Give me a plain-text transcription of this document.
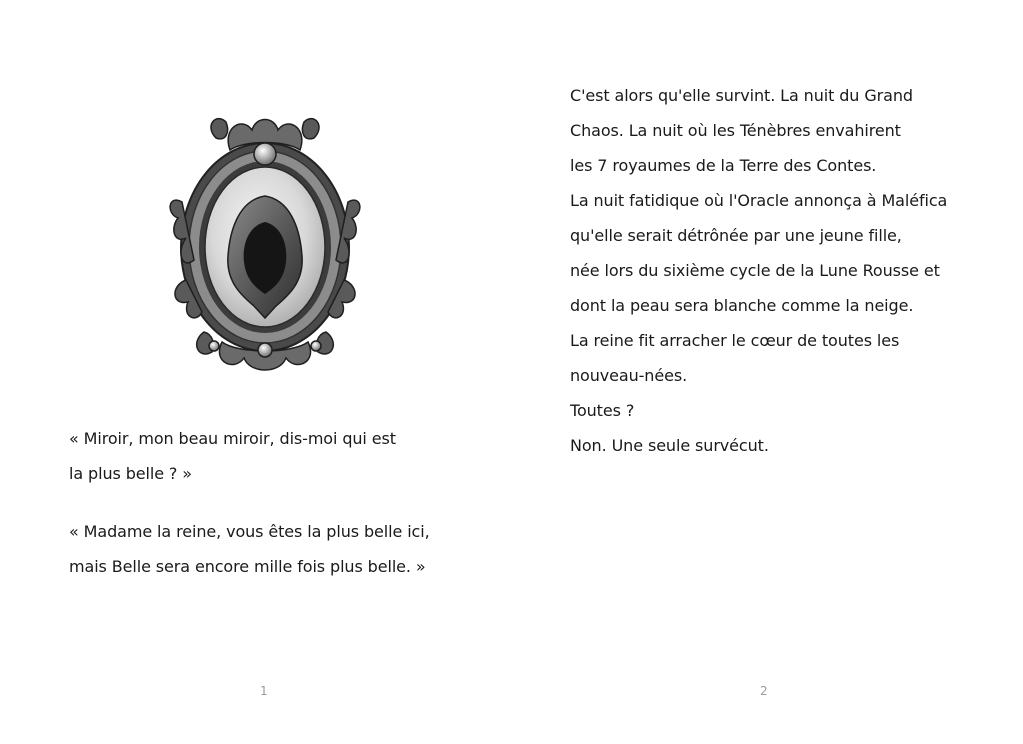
« Miroir, mon beau miroir, dis-moi qui est
la plus belle ? »

« Madame la reine, vous êtes la plus belle ici,
mais Belle sera encore mille fois plus belle. »

1

C'est alors qu'elle survint. La nuit du Grand
Chaos. La nuit où les Ténèbres envahirent
les 7 royaumes de la Terre des Contes.
La nuit fatidique où l'Oracle annonça à Maléfica
qu'elle serait détrônée par une jeune fille,
née lors du sixième cycle de la Lune Rousse et
dont la peau sera blanche comme la neige.
La reine fit arracher le cœur de toutes les
nouveau-nées.
Toutes ?
Non. Une seule survécut.

2
